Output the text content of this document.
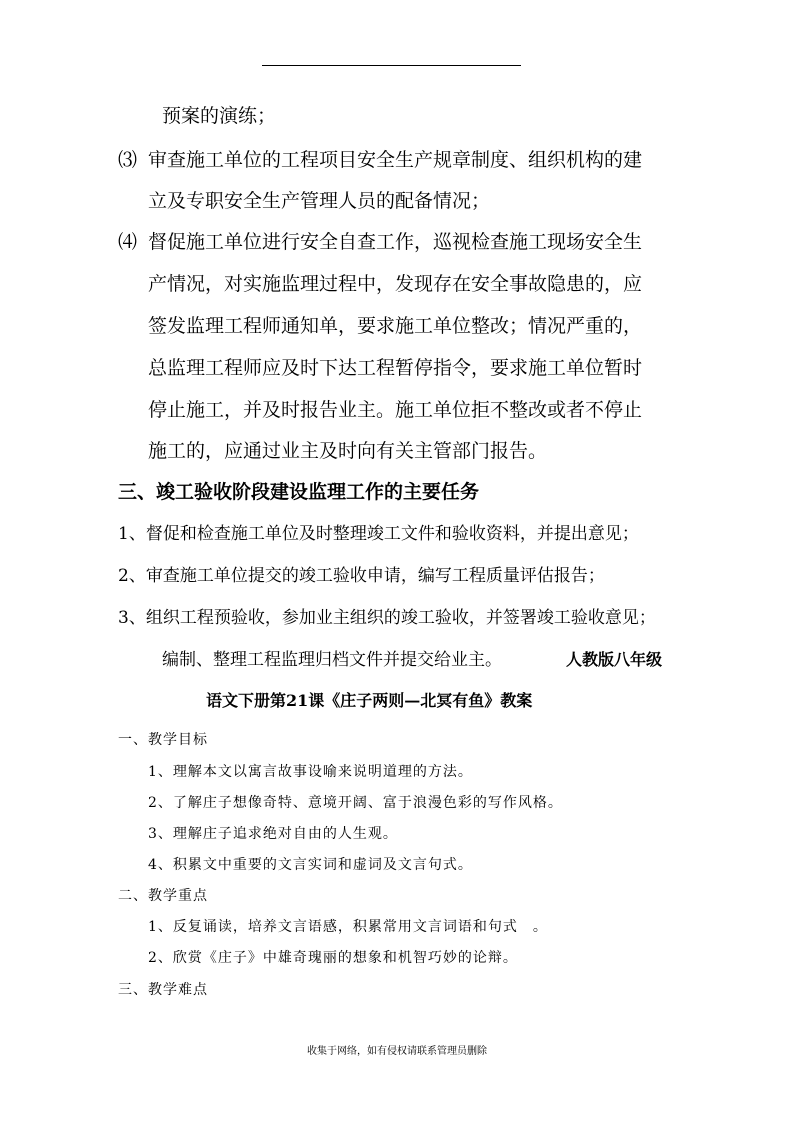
预案的演练；
⑶ 审查施工单位的工程项目安全生产规章制度、组织机构的建
立及专职安全生产管理人员的配备情况；
⑷ 督促施工单位进行安全自查工作，巡视检查施工现场安全生
产情况，对实施监理过程中，发现存在安全事故隐患的，应
签发监理工程师通知单，要求施工单位整改；情况严重的，
总监理工程师应及时下达工程暂停指令，要求施工单位暂时
停止施工，并及时报告业主。施工单位拒不整改或者不停止
施工的，应通过业主及时向有关主管部门报告。
三、竣工验收阶段建设监理工作的主要任务
1、督促和检查施工单位及时整理竣工文件和验收资料，并提出意见；
2、审查施工单位提交的竣工验收申请，编写工程质量评估报告；
3、组织工程预验收，参加业主组织的竣工验收，并签署竣工验收意见；
编制、整理工程监理归档文件并提交给业主。	人教版八年级
语文下册第21课《庄子两则—北冥有鱼》教案
一、教学目标
1、理解本文以寓言故事设喻来说明道理的方法。
2、了解庄子想像奇特、意境开阔、富于浪漫色彩的写作风格。
3、理解庄子追求绝对自由的人生观。
4、积累文中重要的文言实词和虚词及文言句式。
二、教学重点
1、反复诵读，培养文言语感，积累常用文言词语和句式　。
2、欣赏《庄子》中雄奇瑰丽的想象和机智巧妙的论辩。
三、教学难点
收集于网络，如有侵权请联系管理员删除
